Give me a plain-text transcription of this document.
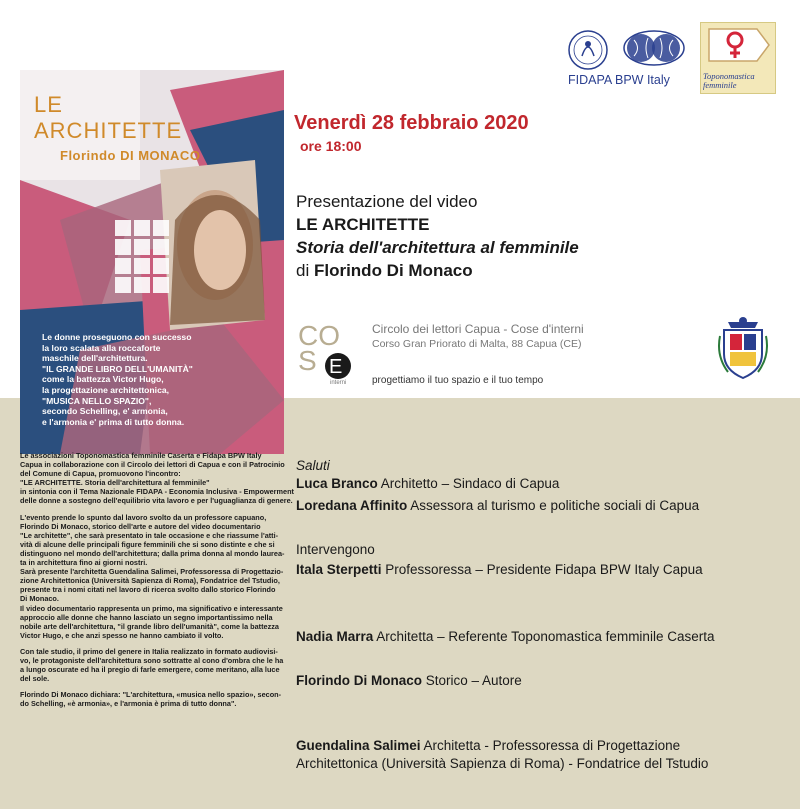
LE
ARCHITETTE
Florindo DI MONACO
Le donne proseguono con successo
la loro scalata alla roccaforte
maschile dell'architettura.
"IL GRANDE LIBRO DELL'UMANITÀ"
come la battezza Victor Hugo,
la progettazione architettonica,
"MUSICA NELLO SPAZIO",
secondo Schelling, e' armonia,
e l'armonia e' prima di tutto donna.
FIDAPA BPW Italy	Toponomastica
femminile
Venerdì 28 febbraio 2020
ore 18:00
Presentazione del video
LE ARCHITETTE
Storia dell'architettura al femminile
di Florindo Di Monaco
CO
S E
interni
Circolo dei lettori Capua - Cose d'interni
Corso Gran Priorato di Malta, 88 Capua (CE)
progettiamo il tuo spazio e il tuo tempo
Le associazioni Toponomastica femminile Caserta e Fidapa BPW Italy
Capua in collaborazione con il Circolo dei lettori di Capua e con il Patrocinio
del Comune di Capua, promuovono l'incontro:
"LE ARCHITETTE. Storia dell'architettura al femminile"
in sintonia con il Tema Nazionale FIDAPA - Economia Inclusiva - Empowerment
delle donne a sostegno dell'equilibrio vita lavoro e per l'uguaglianza di genere.
L'evento prende lo spunto dal lavoro svolto da un professore capuano,
Florindo Di Monaco, storico dell'arte e autore del video documentario
"Le architette", che sarà presentato in tale occasione e che riassume l'atti-
vità di alcune delle principali figure femminili che si sono distinte e che si
distinguono nel mondo dell'architettura; dalla prima donna al mondo laurea-
ta in architettura fino ai giorni nostri.
Sarà presente l'architetta Guendalina Salimei, Professoressa di Progettazio-
zione Architettonica (Università Sapienza di Roma), Fondatrice del Tstudio,
presente tra i nomi citati nel lavoro di ricerca svolto dallo storico Florindo
Di Monaco.
Il video documentario rappresenta un primo, ma significativo e interessante
approccio alle donne che hanno lasciato un segno importantissimo nella
nobile arte dell'architettura, "il grande libro dell'umanità", come la battezza
Victor Hugo, e che anzi spesso ne hanno cambiato il volto.
Con tale studio, il primo del genere in Italia realizzato in formato audiovisi-
vo, le protagoniste dell'architettura sono sottratte al cono d'ombra che le ha
a lungo oscurate ed ha il pregio di farle emergere, come meritano, alla luce
del sole.
Florindo Di Monaco dichiara: "L'architettura, «musica nello spazio», secon-
do Schelling, «è armonia», e l'armonia è prima di tutto donna".
Saluti
Luca Branco Architetto – Sindaco di Capua
Loredana Affinito Assessora al turismo e politiche sociali di Capua
Intervengono
Itala Sterpetti Professoressa – Presidente Fidapa BPW Italy Capua
Nadia Marra Architetta – Referente Toponomastica femminile Caserta
Florindo Di Monaco Storico – Autore
Guendalina Salimei Architetta - Professoressa di Progettazione
Architettonica (Università Sapienza di Roma) - Fondatrice del Tstudio
